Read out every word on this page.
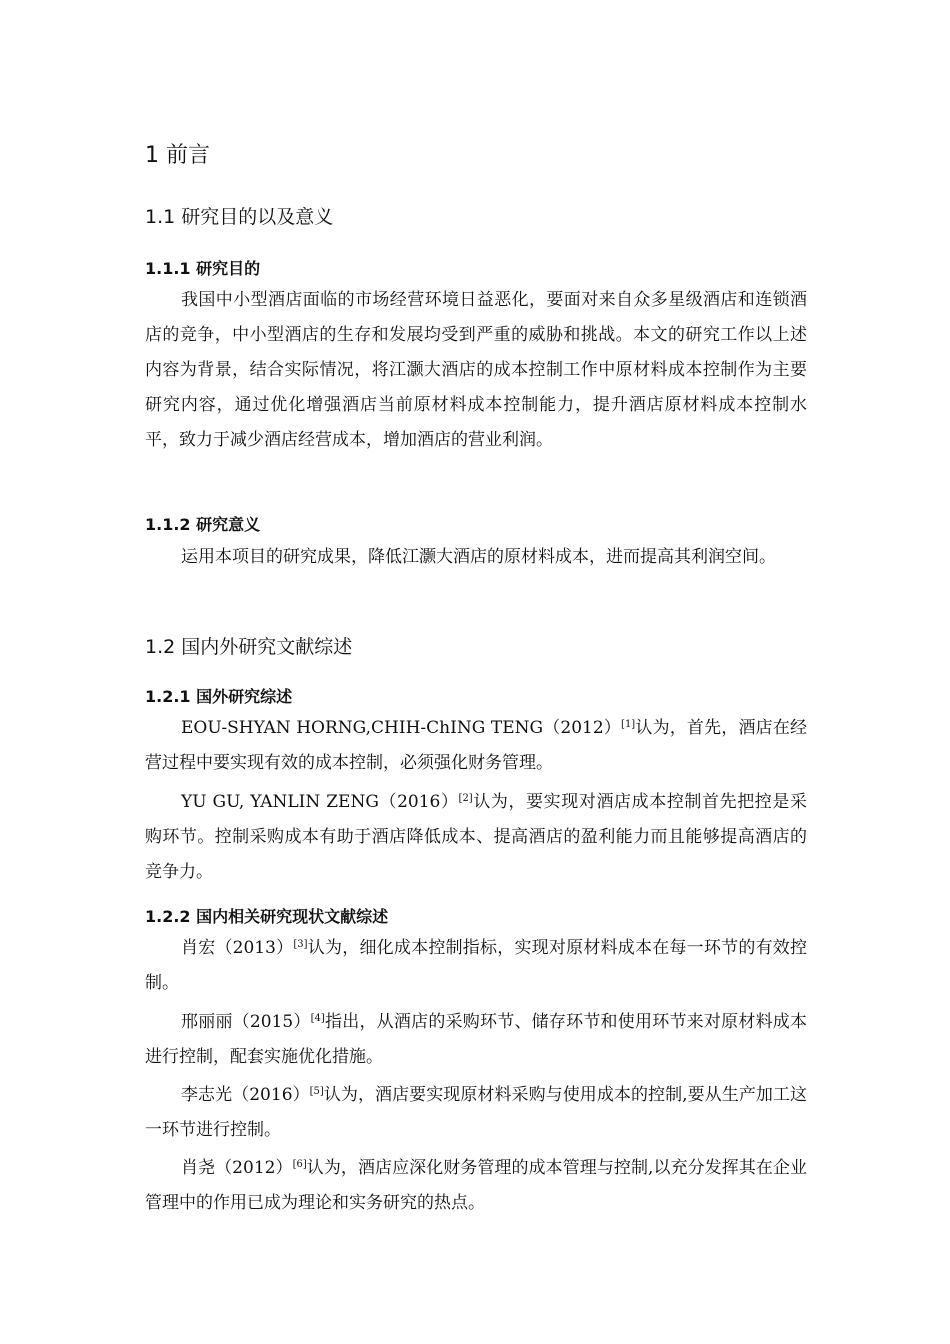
1 前言
1.1 研究目的以及意义
1.1.1 研究目的
我国中小型酒店面临的市场经营环境日益恶化，要面对来自众多星级酒店和连锁酒店的竞争，中小型酒店的生存和发展均受到严重的威胁和挑战。本文的研究工作以上述内容为背景，结合实际情况，将江灏大酒店的成本控制工作中原材料成本控制作为主要研究内容，通过优化增强酒店当前原材料成本控制能力，提升酒店原材料成本控制水平，致力于减少酒店经营成本，增加酒店的营业利润。
1.1.2 研究意义
运用本项目的研究成果，降低江灏大酒店的原材料成本，进而提高其利润空间。
1.2 国内外研究文献综述
1.2.1 国外研究综述
EOU-SHYAN HORNG,CHIH-ChING TENG（2012）[1]认为，首先，酒店在经营过程中要实现有效的成本控制，必须强化财务管理。
YU GU, YANLIN ZENG（2016）[2]认为，要实现对酒店成本控制首先把控是采购环节。控制采购成本有助于酒店降低成本、提高酒店的盈利能力而且能够提高酒店的竞争力。
1.2.2 国内相关研究现状文献综述
肖宏（2013）[3]认为，细化成本控制指标，实现对原材料成本在每一环节的有效控制。
邢丽丽（2015）[4]指出，从酒店的采购环节、储存环节和使用环节来对原材料成本进行控制，配套实施优化措施。
李志光（2016）[5]认为，酒店要实现原材料采购与使用成本的控制,要从生产加工这一环节进行控制。
肖尧（2012）[6]认为，酒店应深化财务管理的成本管理与控制,以充分发挥其在企业管理中的作用已成为理论和实务研究的热点。
